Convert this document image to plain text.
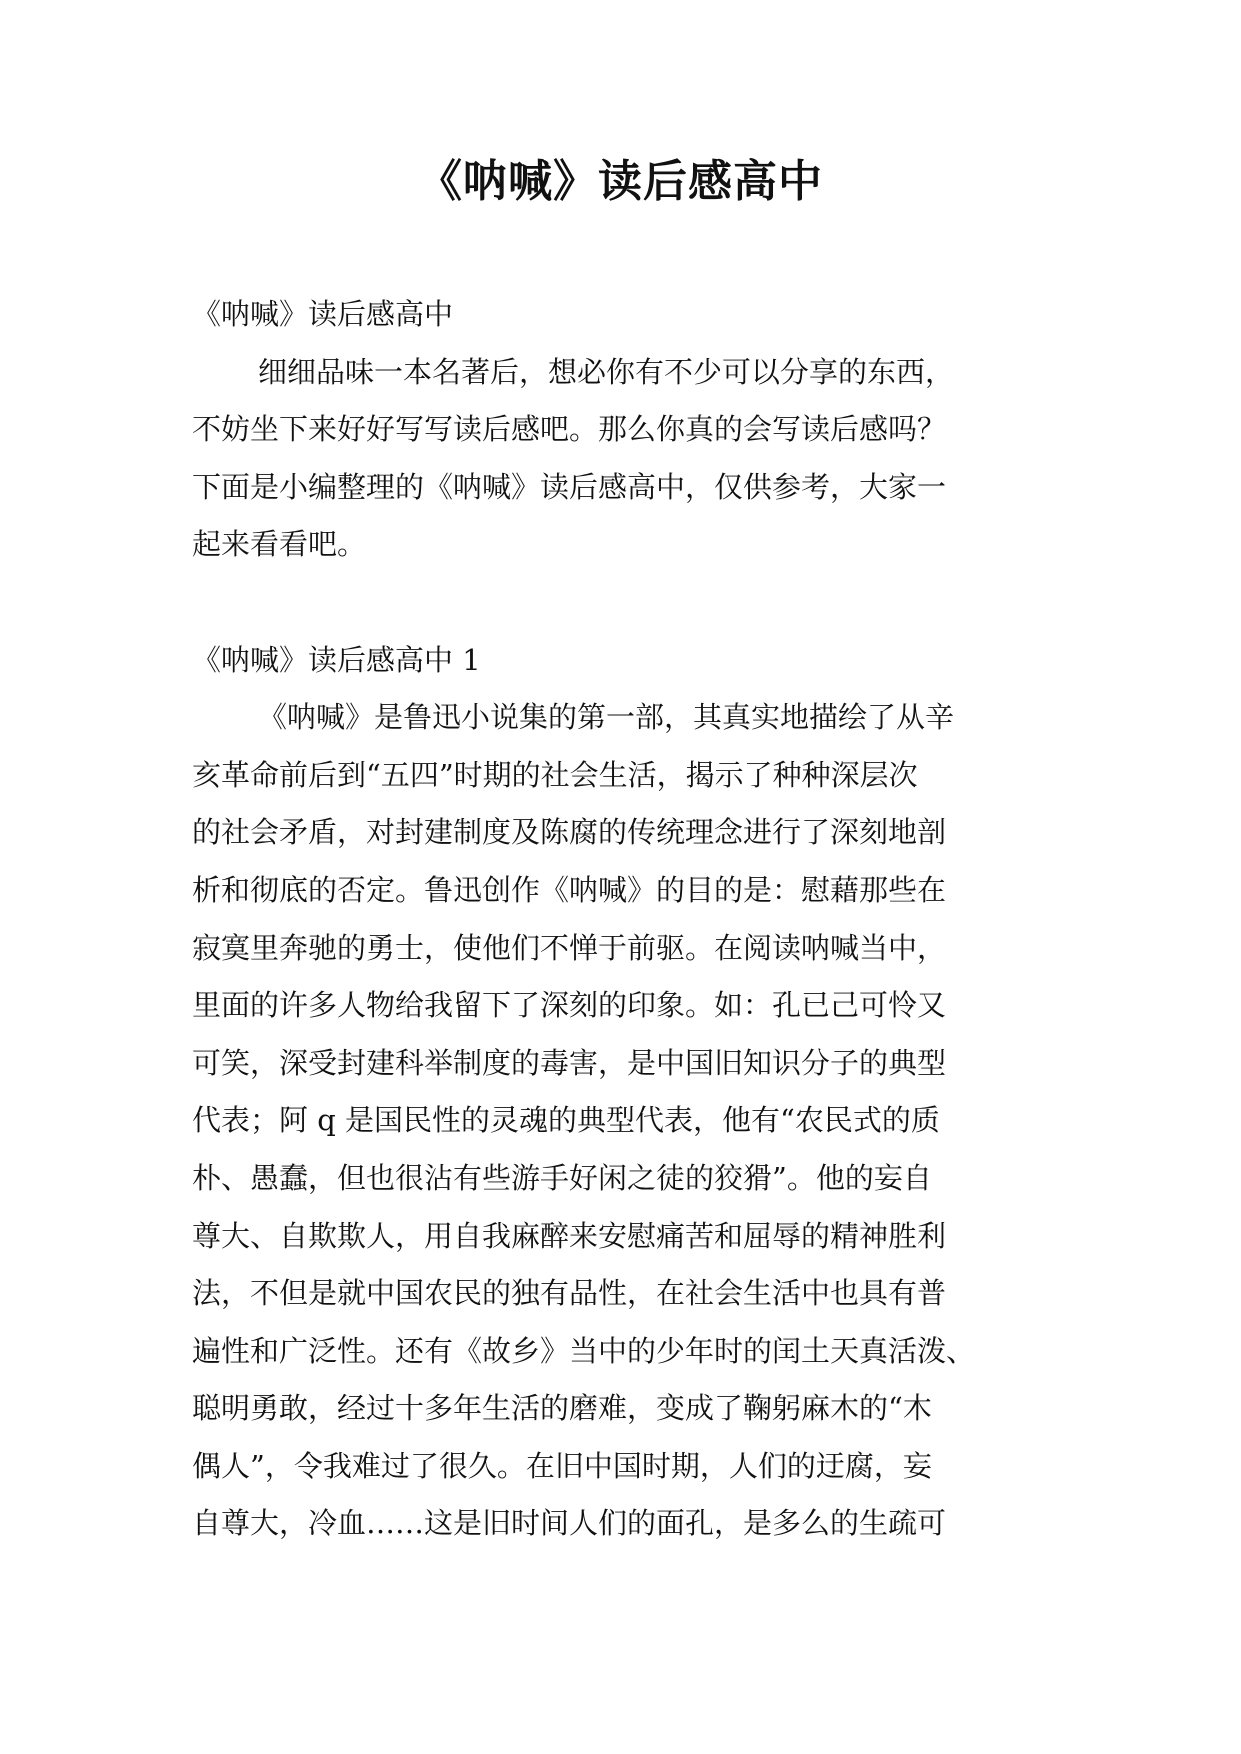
《呐喊》读后感高中
《呐喊》读后感高中
细细品味一本名著后，想必你有不少可以分享的东西，
不妨坐下来好好写写读后感吧。那么你真的会写读后感吗？
下面是小编整理的《呐喊》读后感高中，仅供参考，大家一
起来看看吧。
《呐喊》读后感高中 1
《呐喊》是鲁迅小说集的第一部，其真实地描绘了从辛
亥革命前后到“五四”时期的社会生活，揭示了种种深层次
的社会矛盾，对封建制度及陈腐的传统理念进行了深刻地剖
析和彻底的否定。鲁迅创作《呐喊》的目的是：慰藉那些在
寂寞里奔驰的勇士，使他们不惮于前驱。在阅读呐喊当中，
里面的许多人物给我留下了深刻的印象。如：孔已己可怜又
可笑，深受封建科举制度的毒害，是中国旧知识分子的典型
代表；阿 q 是国民性的灵魂的典型代表，他有“农民式的质
朴、愚蠢，但也很沾有些游手好闲之徒的狡猾”。他的妄自
尊大、自欺欺人，用自我麻醉来安慰痛苦和屈辱的精神胜利
法，不但是就中国农民的独有品性，在社会生活中也具有普
遍性和广泛性。还有《故乡》当中的少年时的闰土天真活泼、
聪明勇敢，经过十多年生活的磨难，变成了鞠躬麻木的“木
偶人”，令我难过了很久。在旧中国时期，人们的迂腐，妄
自尊大，冷血……这是旧时间人们的面孔，是多么的生疏可
